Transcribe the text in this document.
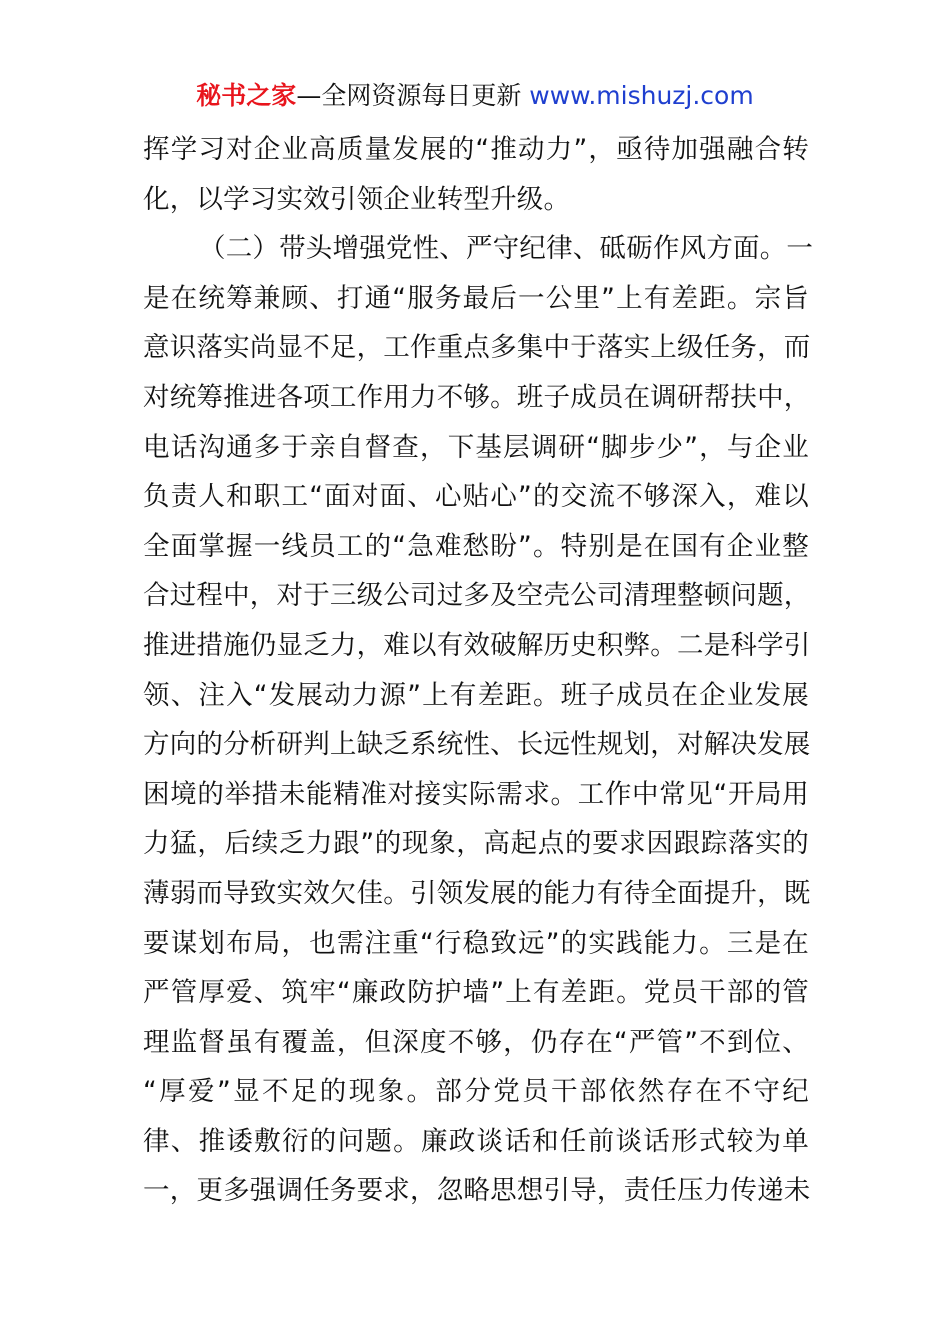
秘书之家—全网资源每日更新 www.mishuzj.com
挥学习对企业高质量发展的“推动力”，亟待加强融合转
化，以学习实效引领企业转型升级。
（二）带头增强党性、严守纪律、砥砺作风方面。一
是在统筹兼顾、打通“服务最后一公里”上有差距。宗旨
意识落实尚显不足，工作重点多集中于落实上级任务，而
对统筹推进各项工作用力不够。班子成员在调研帮扶中，
电话沟通多于亲自督查，下基层调研“脚步少”，与企业
负责人和职工“面对面、心贴心”的交流不够深入，难以
全面掌握一线员工的“急难愁盼”。特别是在国有企业整
合过程中，对于三级公司过多及空壳公司清理整顿问题，
推进措施仍显乏力，难以有效破解历史积弊。二是科学引
领、注入“发展动力源”上有差距。班子成员在企业发展
方向的分析研判上缺乏系统性、长远性规划，对解决发展
困境的举措未能精准对接实际需求。工作中常见“开局用
力猛，后续乏力跟”的现象，高起点的要求因跟踪落实的
薄弱而导致实效欠佳。引领发展的能力有待全面提升，既
要谋划布局，也需注重“行稳致远”的实践能力。三是在
严管厚爱、筑牢“廉政防护墙”上有差距。党员干部的管
理监督虽有覆盖，但深度不够，仍存在“严管”不到位、
“厚爱”显不足的现象。部分党员干部依然存在不守纪
律、推诿敷衍的问题。廉政谈话和任前谈话形式较为单
一，更多强调任务要求，忽略思想引导，责任压力传递未
